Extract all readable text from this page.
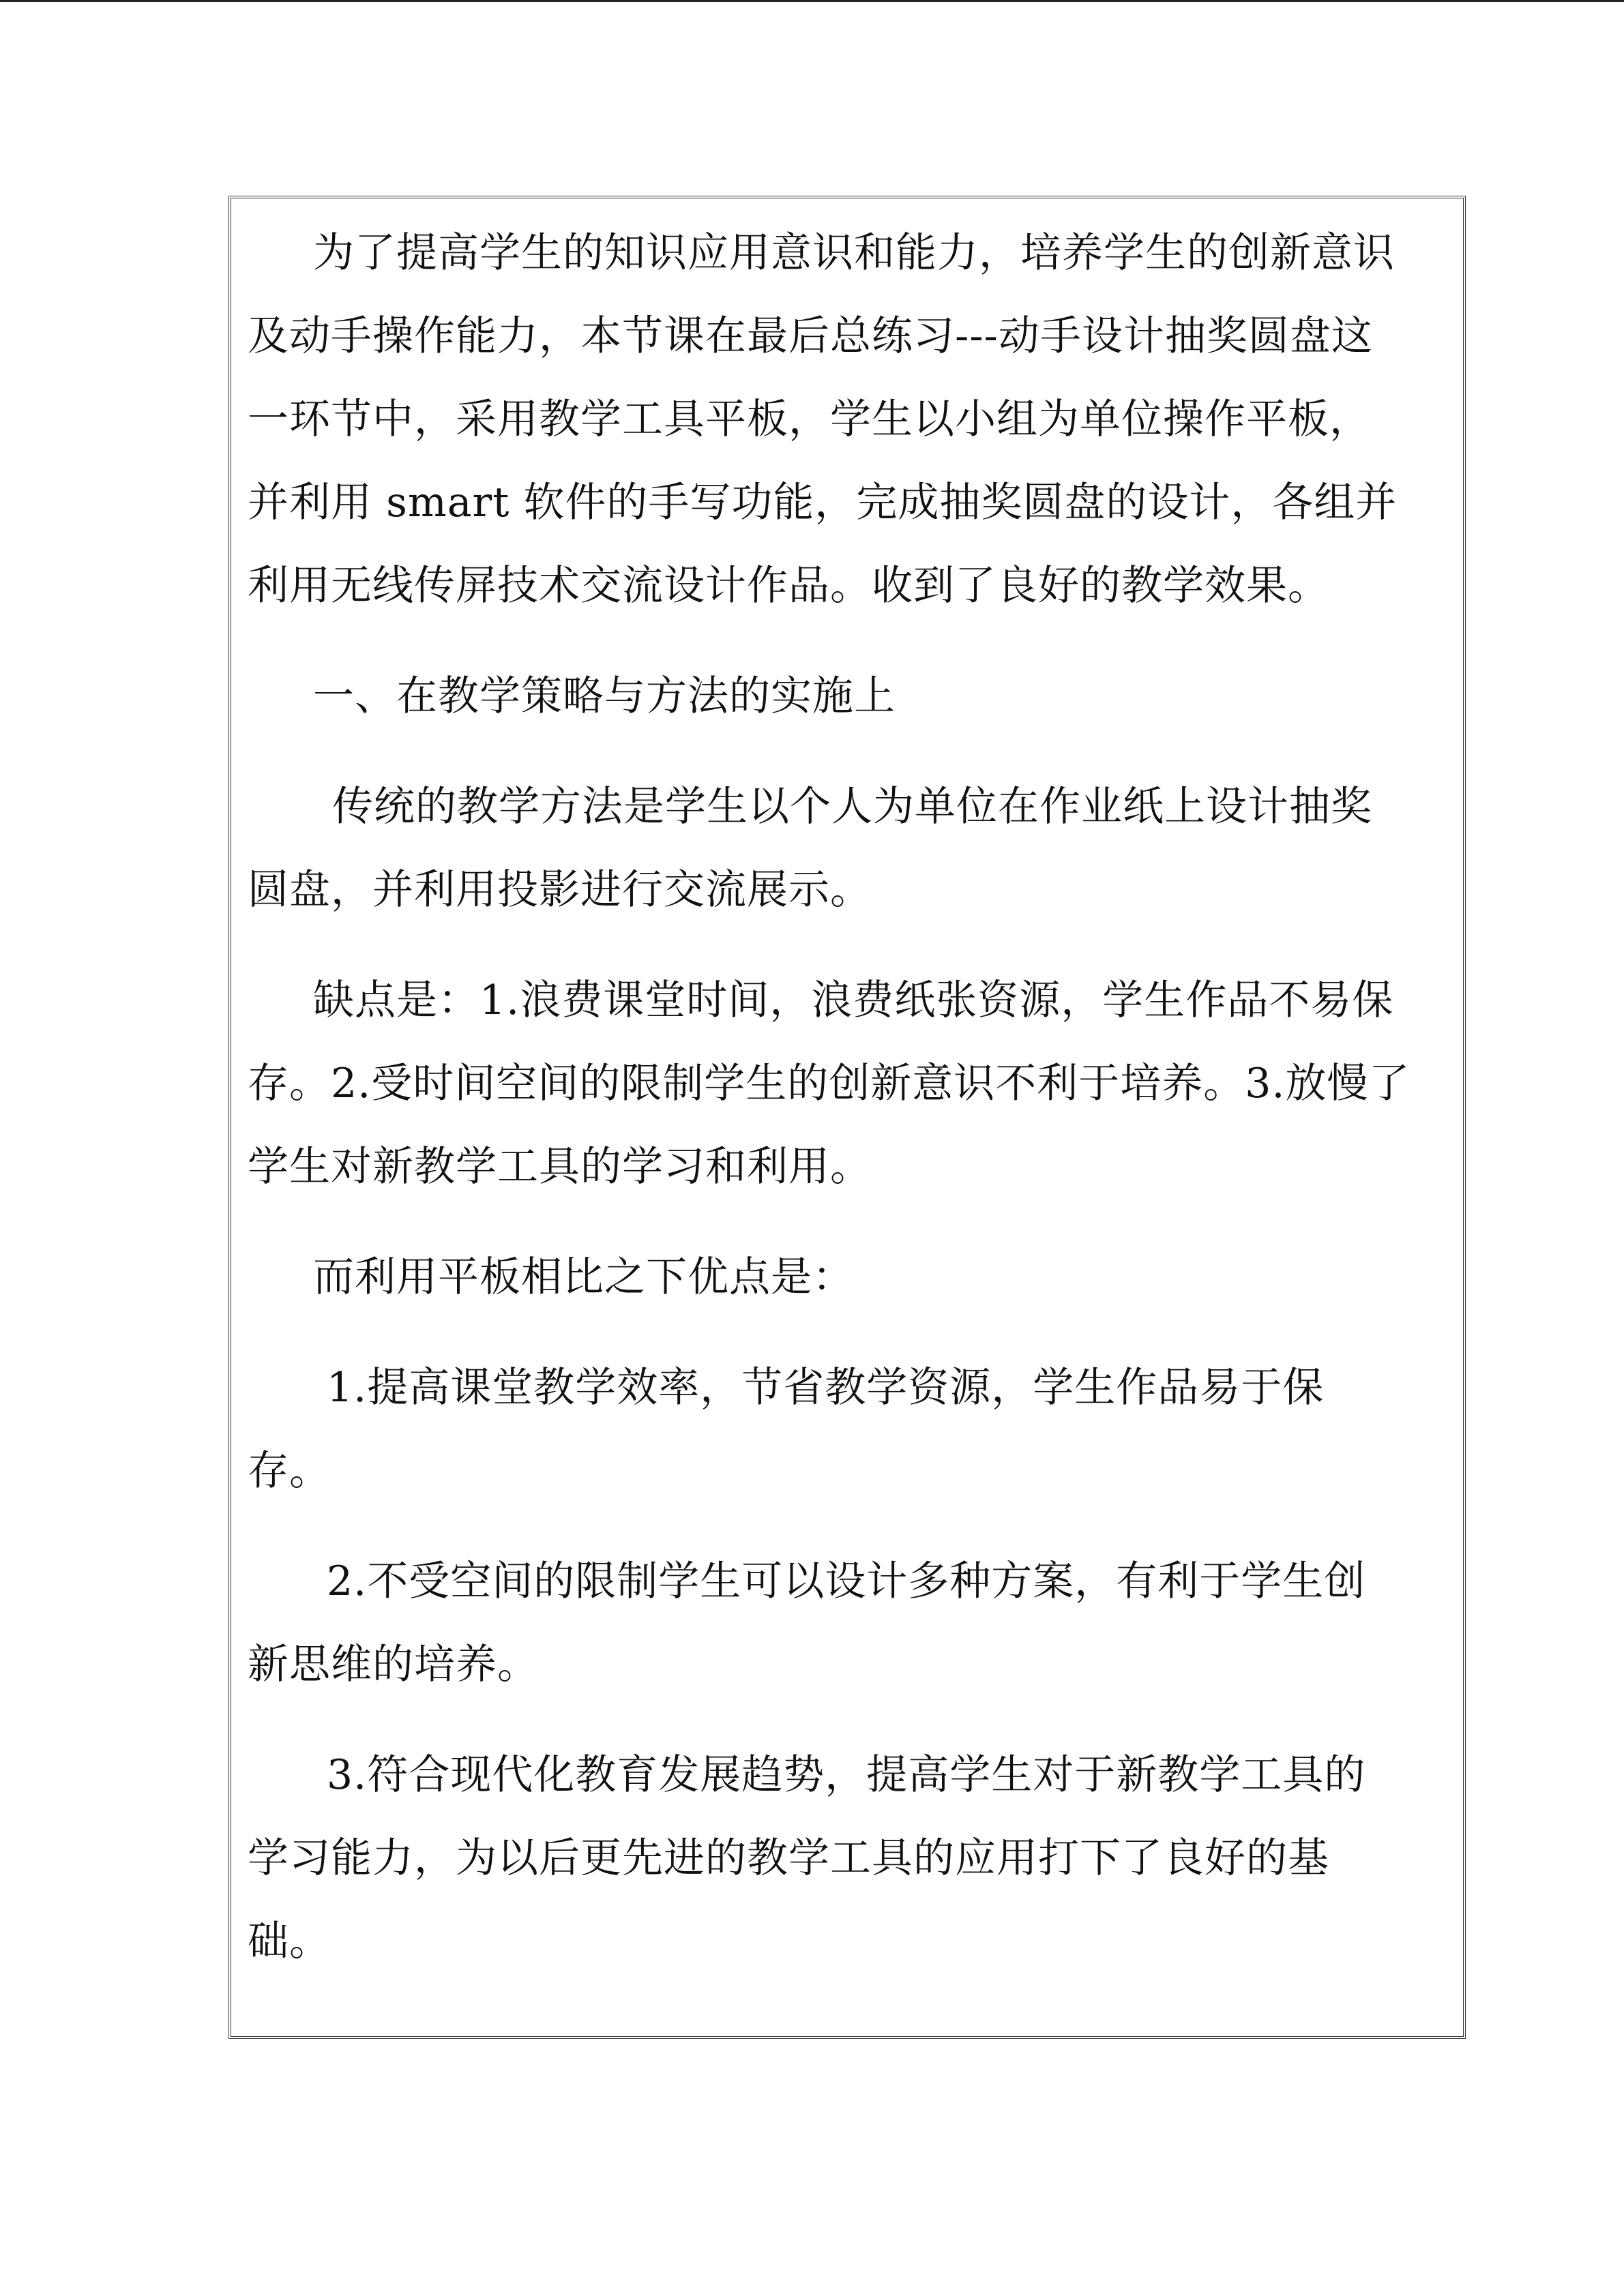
为了提高学生的知识应用意识和能力，培养学生的创新意识
及动手操作能力，本节课在最后总练习---动手设计抽奖圆盘这
一环节中，采用教学工具平板，学生以小组为单位操作平板，
并利用 smart 软件的手写功能，完成抽奖圆盘的设计，各组并
利用无线传屏技术交流设计作品。收到了良好的教学效果。
一、在教学策略与方法的实施上
传统的教学方法是学生以个人为单位在作业纸上设计抽奖
圆盘，并利用投影进行交流展示。
缺点是：1.浪费课堂时间，浪费纸张资源，学生作品不易保
存。2.受时间空间的限制学生的创新意识不利于培养。3.放慢了
学生对新教学工具的学习和利用。
而利用平板相比之下优点是：
1.提高课堂教学效率，节省教学资源，学生作品易于保
存。
2.不受空间的限制学生可以设计多种方案，有利于学生创
新思维的培养。
3.符合现代化教育发展趋势，提高学生对于新教学工具的
学习能力，为以后更先进的教学工具的应用打下了良好的基
础。
